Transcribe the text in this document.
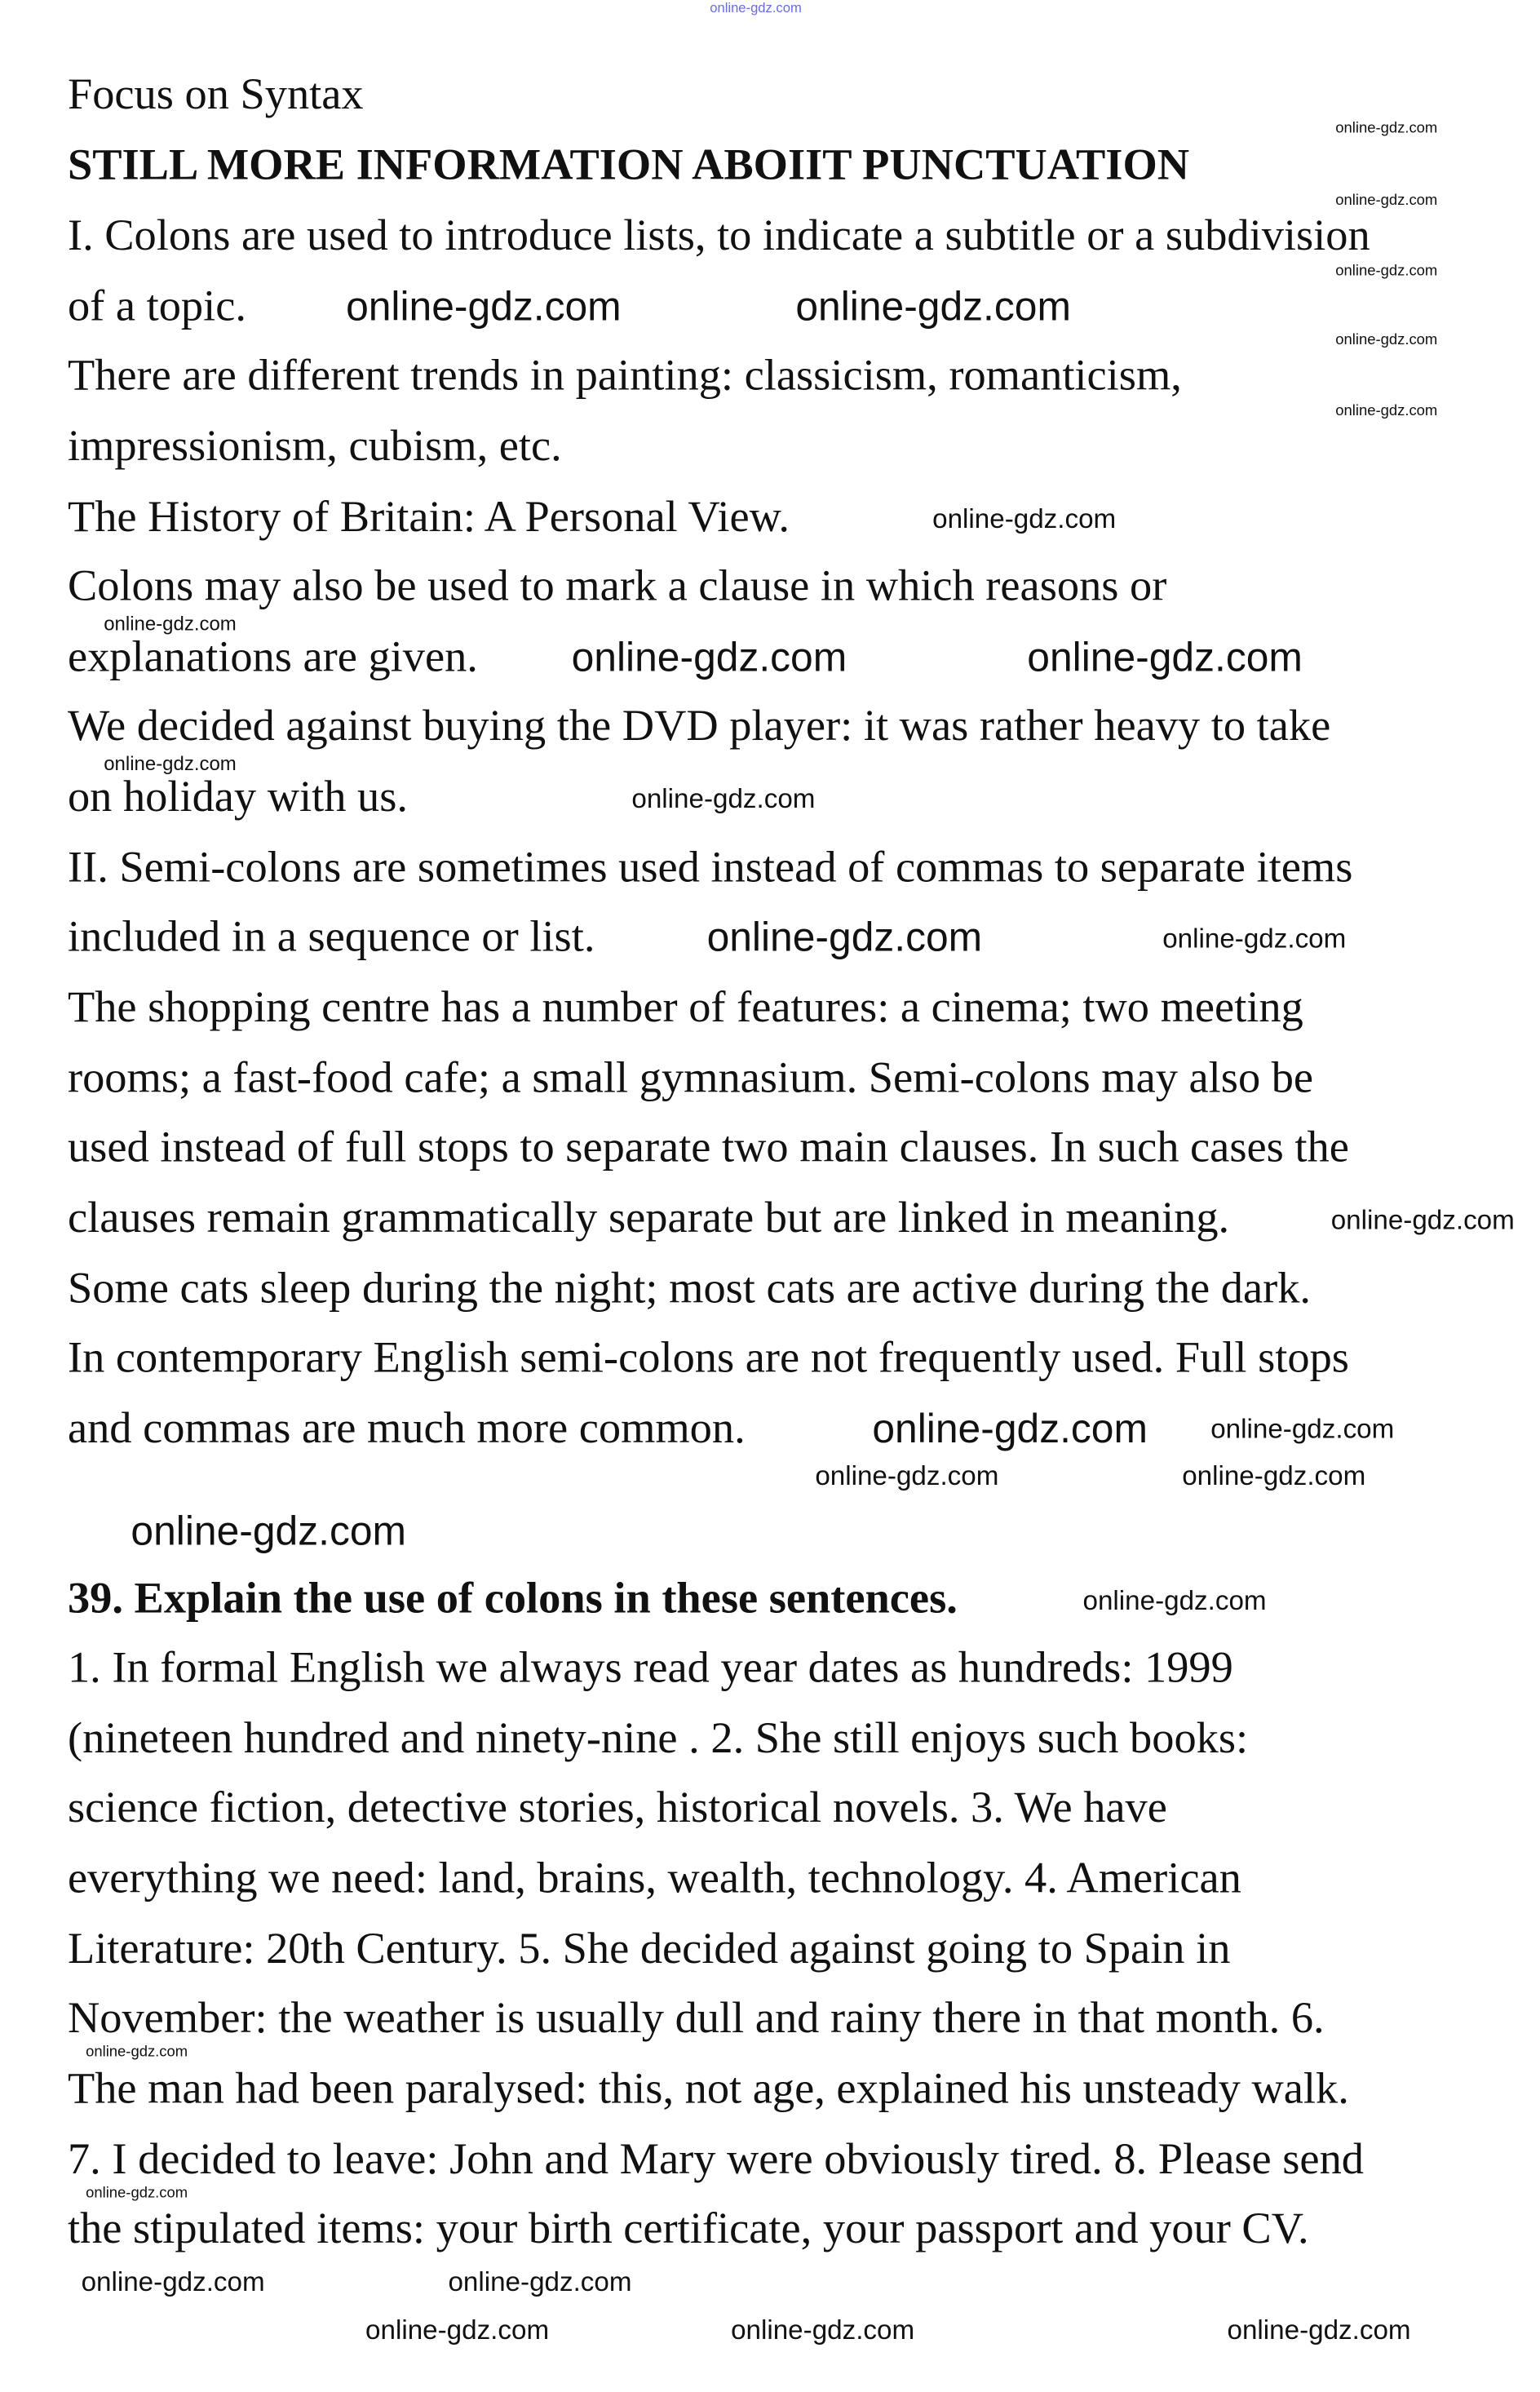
online-gdz.com
Focus on Syntax
STILL MORE INFORMATION ABOIIT PUNCTUATION
I. Colons are used to introduce lists, to indicate a subtitle or a subdivision
of a topic.
There are different trends in painting: classicism, romanticism,
impressionism, cubism, etc.
The History of Britain: A Personal View.
Colons may also be used to mark a clause in which reasons or
explanations are given.
We decided against buying the DVD player: it was rather heavy to take
on holiday with us.
II. Semi-colons are sometimes used instead of commas to separate items
included in a sequence or list.
The shopping centre has a number of features: a cinema; two meeting
rooms; a fast-food cafe; a small gymnasium. Semi-colons may also be
used instead of full stops to separate two main clauses. In such cases the
clauses remain grammatically separate but are linked in meaning.
Some cats sleep during the night; most cats are active during the dark.
In contemporary English semi-colons are not frequently used. Full stops
and commas are much more common.
39. Explain the use of colons in these sentences.
1. In formal English we always read year dates as hundreds: 1999
(nineteen hundred and ninety-nine . 2. She still enjoys such books:
science fiction, detective stories, historical novels. 3. We have
everything we need: land, brains, wealth, technology. 4. American
Literature: 20th Century. 5. She decided against going to Spain in
November: the weather is usually dull and rainy there in that month. 6.
The man had been paralysed: this, not age, explained his unsteady walk.
7. I decided to leave: John and Mary were obviously tired. 8. Please send
the stipulated items: your birth certificate, your passport and your CV.
online-gdz.com
online-gdz.com
online-gdz.com
online-gdz.com
online-gdz.com
online-gdz.com	online-gdz.com
online-gdz.com
online-gdz.com
online-gdz.com	online-gdz.com
online-gdz.com
online-gdz.com
online-gdz.com	online-gdz.com
online-gdz.com
online-gdz.com	online-gdz.com
online-gdz.com	online-gdz.com
online-gdz.com
online-gdz.com
online-gdz.com
online-gdz.com
online-gdz.com	online-gdz.com
online-gdz.com	online-gdz.com	online-gdz.com
